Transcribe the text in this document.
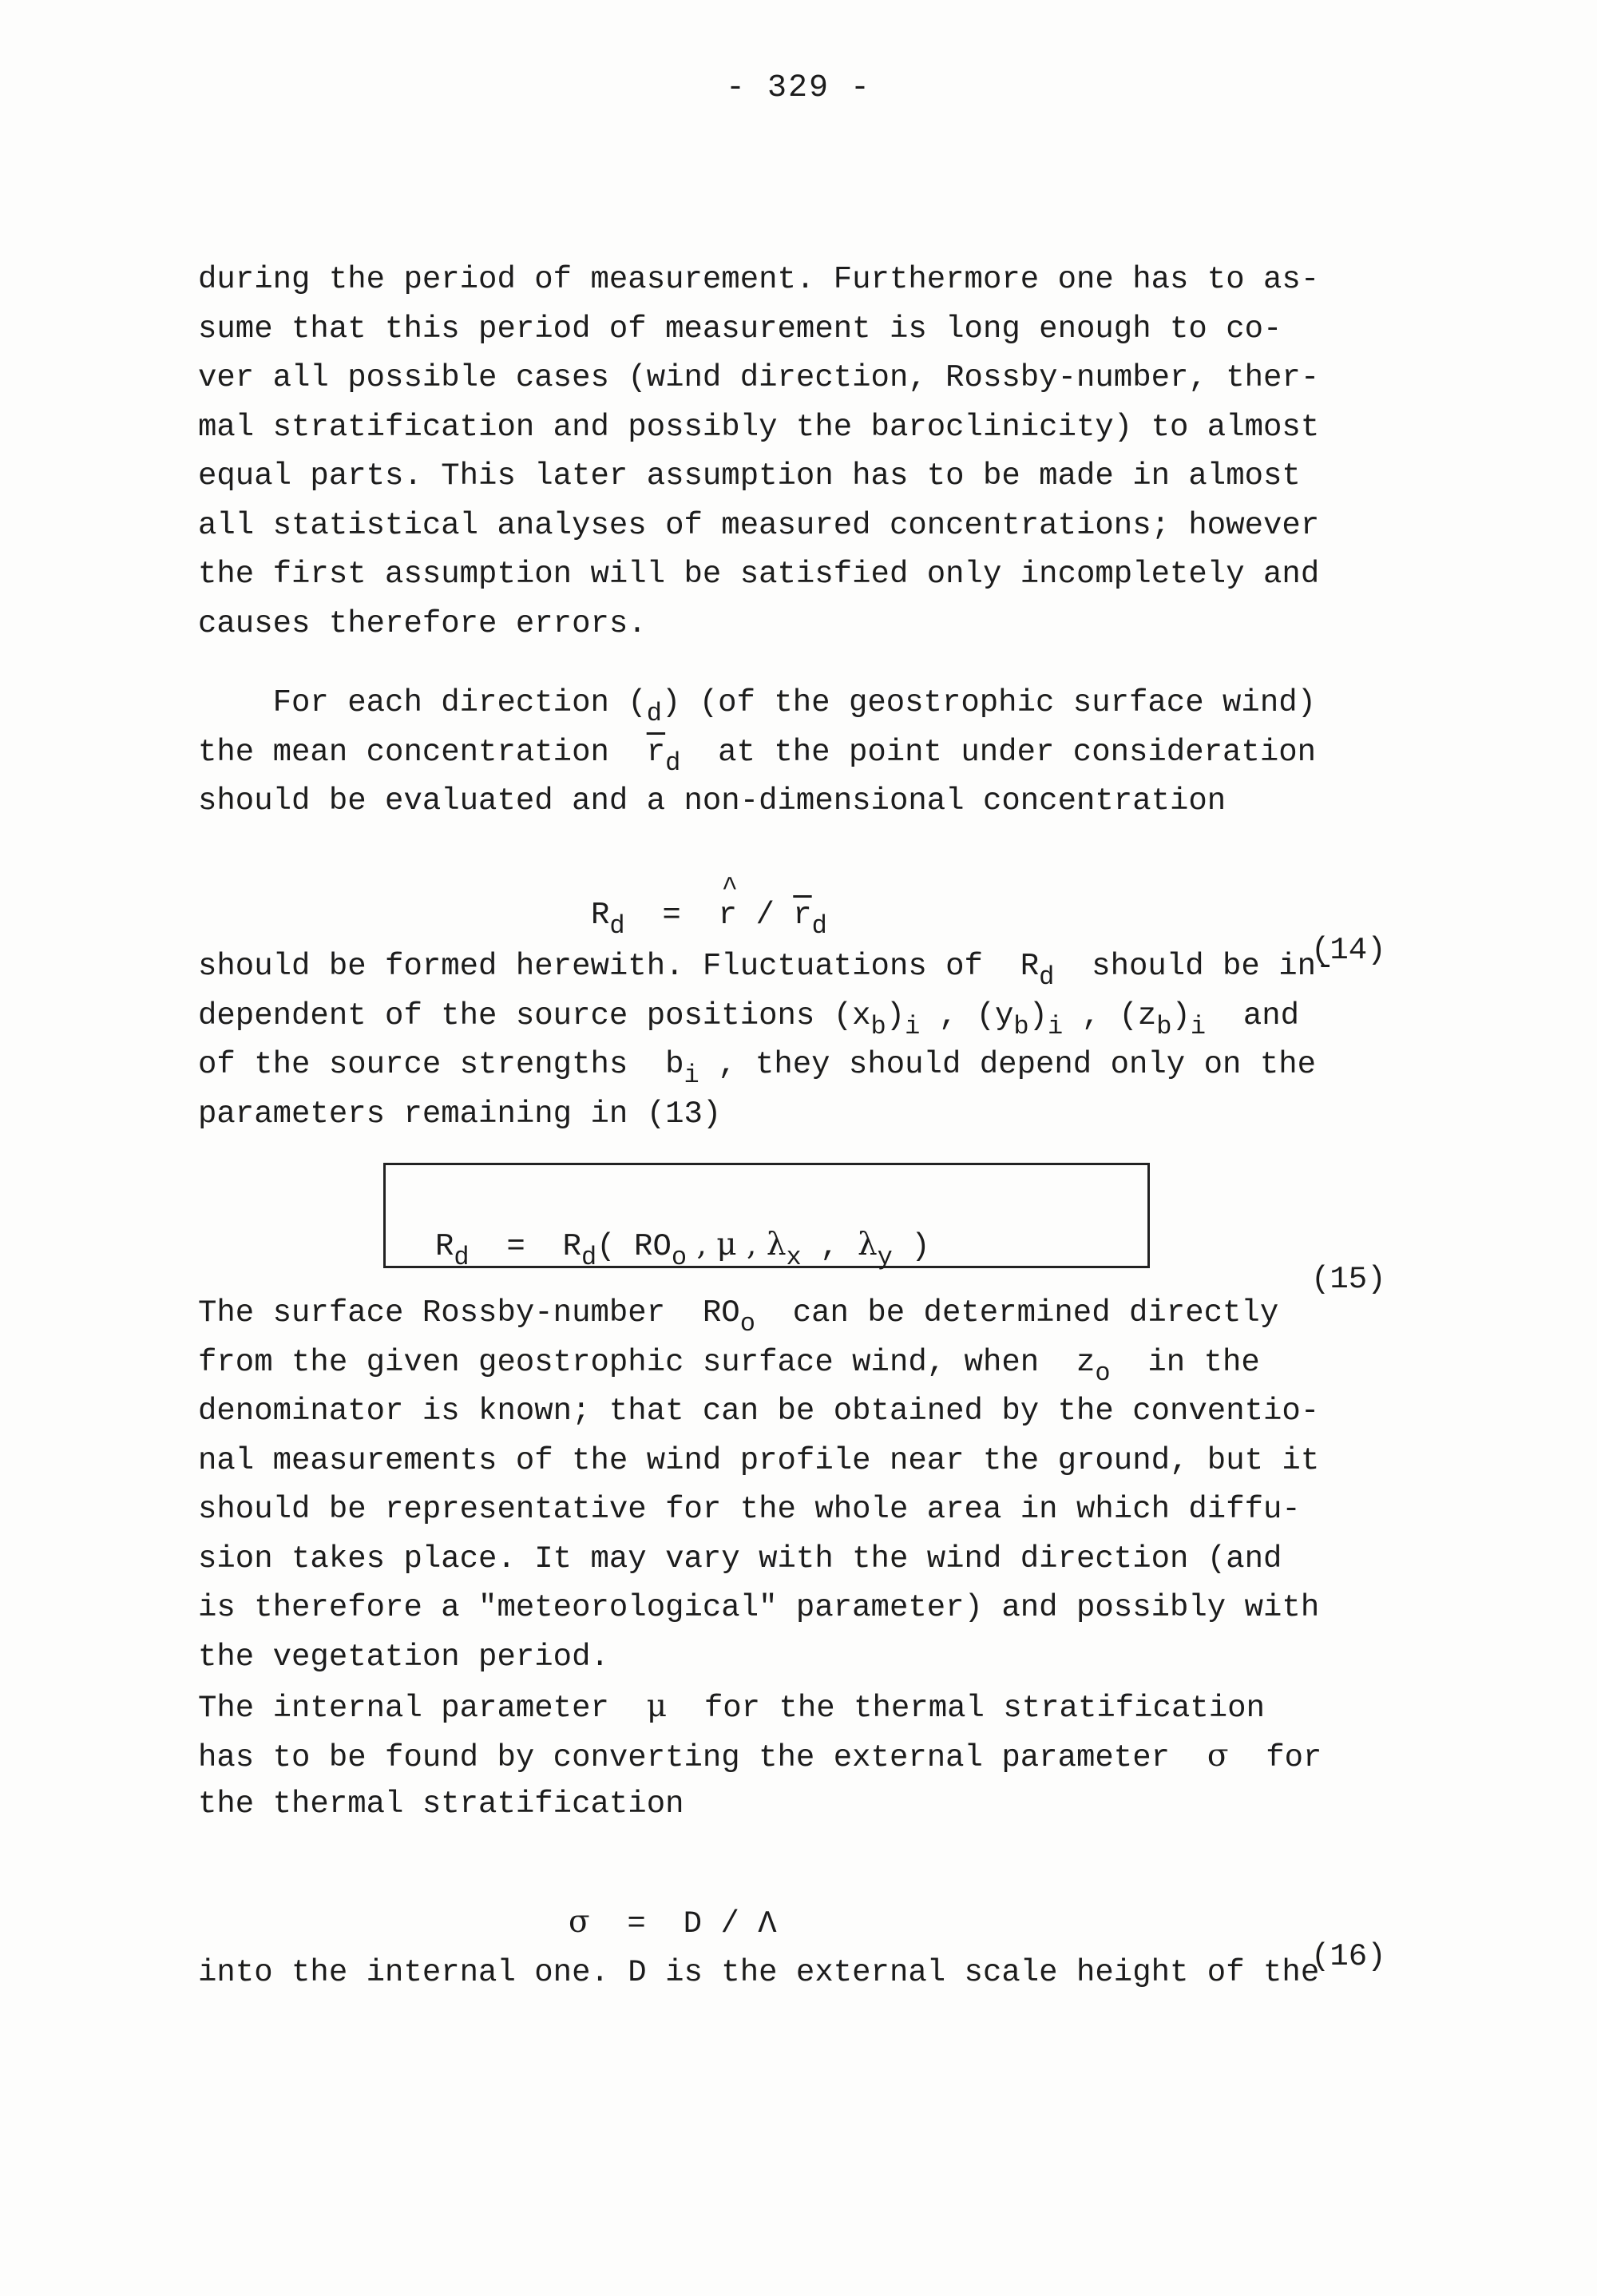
- 329 -
during the period of measurement. Furthermore one has to as-
sume that this period of measurement is long enough to co-
ver all possible cases (wind direction, Rossby-number, ther-
mal stratification and possibly the baroclinicity) to almost
equal parts. This later assumption has to be made in almost
all statistical analyses of measured concentrations; however
the first assumption will be satisfied only incompletely and
causes therefore errors.
For each direction $(_d)$ (of the geostrophic surface wind)
the mean concentration  $\overline{r}_d$  at the point under consideration
should be evaluated and a non-dimensional concentration

$R_d$  =  ^ r / $\overline{r}_d$

(14)

should be formed herewith. Fluctuations of  $R_d$  should be in-
dependent of the source positions $(x_b)_i$ , $(y_b)_i$ , $(z_b)_i$  and
of the source strengths  $b_i$ , they should depend only on the
parameters remaining in (13)

$R_d = R_d$( $RO_o$ , μ , $\lambda_x$ , $\lambda_y$ )

(15)

The surface Rossby-number  $RO_o$  can be determined directly
from the given geostrophic surface wind, when  $z_o$  in the
denominator is known; that can be obtained by the conventio-
nal measurements of the wind profile near the ground, but it
should be representative for the whole area in which diffu-
sion takes place. It may vary with the wind direction (and
is therefore a "meteorological" parameter) and possibly with
the vegetation period.
The internal parameter  μ  for the thermal stratification
has to be found by converting the external parameter  σ  for
the thermal stratification

σ  =  D / Λ

(16)

into the internal one. D is the external scale height of the
